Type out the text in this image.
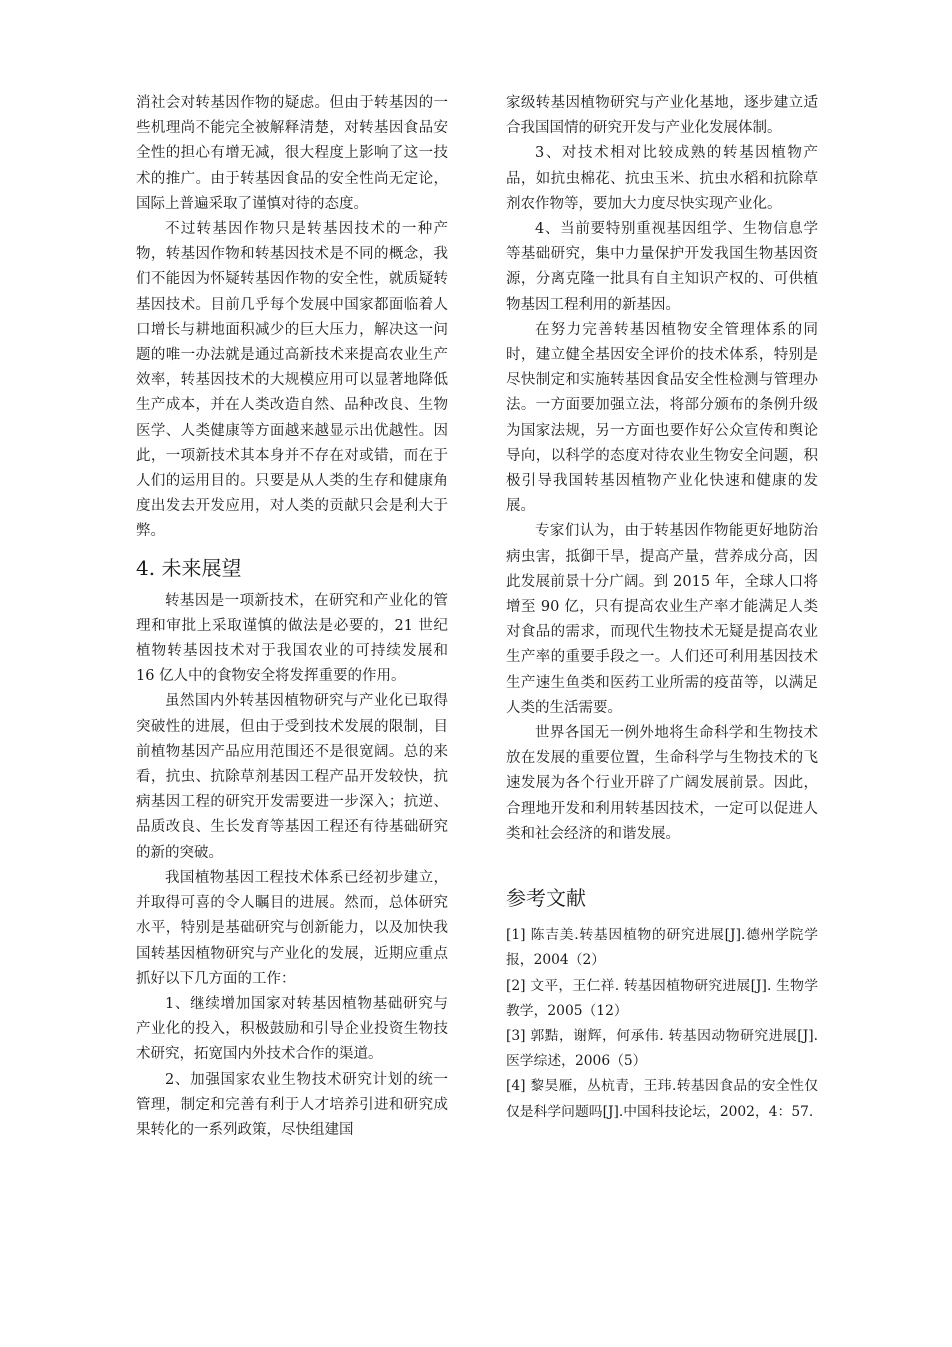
消社会对转基因作物的疑虑。但由于转基因的一些机理尚不能完全被解释清楚，对转基因食品安全性的担心有增无减，很大程度上影响了这一技术的推广。由于转基因食品的安全性尚无定论，国际上普遍采取了谨慎对待的态度。

不过转基因作物只是转基因技术的一种产物，转基因作物和转基因技术是不同的概念，我们不能因为怀疑转基因作物的安全性，就质疑转基因技术。目前几乎每个发展中国家都面临着人口增长与耕地面积减少的巨大压力，解决这一问题的唯一办法就是通过高新技术来提高农业生产效率，转基因技术的大规模应用可以显著地降低生产成本，并在人类改造自然、品种改良、生物医学、人类健康等方面越来越显示出优越性。因此，一项新技术其本身并不存在对或错，而在于人们的运用目的。只要是从人类的生存和健康角度出发去开发应用，对人类的贡献只会是利大于弊。

4. 未来展望

转基因是一项新技术，在研究和产业化的管理和审批上采取谨慎的做法是必要的，21 世纪植物转基因技术对于我国农业的可持续发展和 16 亿人中的食物安全将发挥重要的作用。

虽然国内外转基因植物研究与产业化已取得突破性的进展，但由于受到技术发展的限制，目前植物基因产品应用范围还不是很宽阔。总的来看，抗虫、抗除草剂基因工程产品开发较快，抗病基因工程的研究开发需要进一步深入；抗逆、品质改良、生长发育等基因工程还有待基础研究的新的突破。

我国植物基因工程技术体系已经初步建立，并取得可喜的令人瞩目的进展。然而，总体研究水平，特别是基础研究与创新能力，以及加快我国转基因植物研究与产业化的发展，近期应重点抓好以下几方面的工作：

1、继续增加国家对转基因植物基础研究与产业化的投入，积极鼓励和引导企业投资生物技术研究，拓宽国内外技术合作的渠道。

2、加强国家农业生物技术研究计划的统一管理，制定和完善有利于人才培养引进和研究成果转化的一系列政策，尽快组建国

家级转基因植物研究与产业化基地，逐步建立适合我国国情的研究开发与产业化发展体制。

3、对技术相对比较成熟的转基因植物产品，如抗虫棉花、抗虫玉米、抗虫水稻和抗除草剂农作物等，要加大力度尽快实现产业化。

4、当前要特别重视基因组学、生物信息学等基础研究，集中力量保护开发我国生物基因资源，分离克隆一批具有自主知识产权的、可供植物基因工程利用的新基因。

在努力完善转基因植物安全管理体系的同时，建立健全基因安全评价的技术体系，特别是尽快制定和实施转基因食品安全性检测与管理办法。一方面要加强立法，将部分颁布的条例升级为国家法规，另一方面也要作好公众宣传和舆论导向，以科学的态度对待农业生物安全问题，积极引导我国转基因植物产业化快速和健康的发展。

专家们认为，由于转基因作物能更好地防治病虫害，抵御干旱，提高产量，营养成分高，因此发展前景十分广阔。到 2015 年，全球人口将增至 90 亿，只有提高农业生产率才能满足人类对食品的需求，而现代生物技术无疑是提高农业生产率的重要手段之一。人们还可利用基因技术生产速生鱼类和医药工业所需的疫苗等，以满足人类的生活需要。

世界各国无一例外地将生命科学和生物技术放在发展的重要位置，生命科学与生物技术的飞速发展为各个行业开辟了广阔发展前景。因此，合理地开发和利用转基因技术，一定可以促进人类和社会经济的和谐发展。

参考文献

[1] 陈吉美.转基因植物的研究进展[J].德州学院学报，2004（2）

[2] 文平，王仁祥. 转基因植物研究进展[J]. 生物学教学，2005（12）

[3] 郭黠，谢辉，何承伟. 转基因动物研究进展[J]. 医学综述，2006（5）

[4] 黎昊雁，丛杭青，王玮.转基因食品的安全性仅仅是科学问题吗[J].中国科技论坛，2002，4：57.
